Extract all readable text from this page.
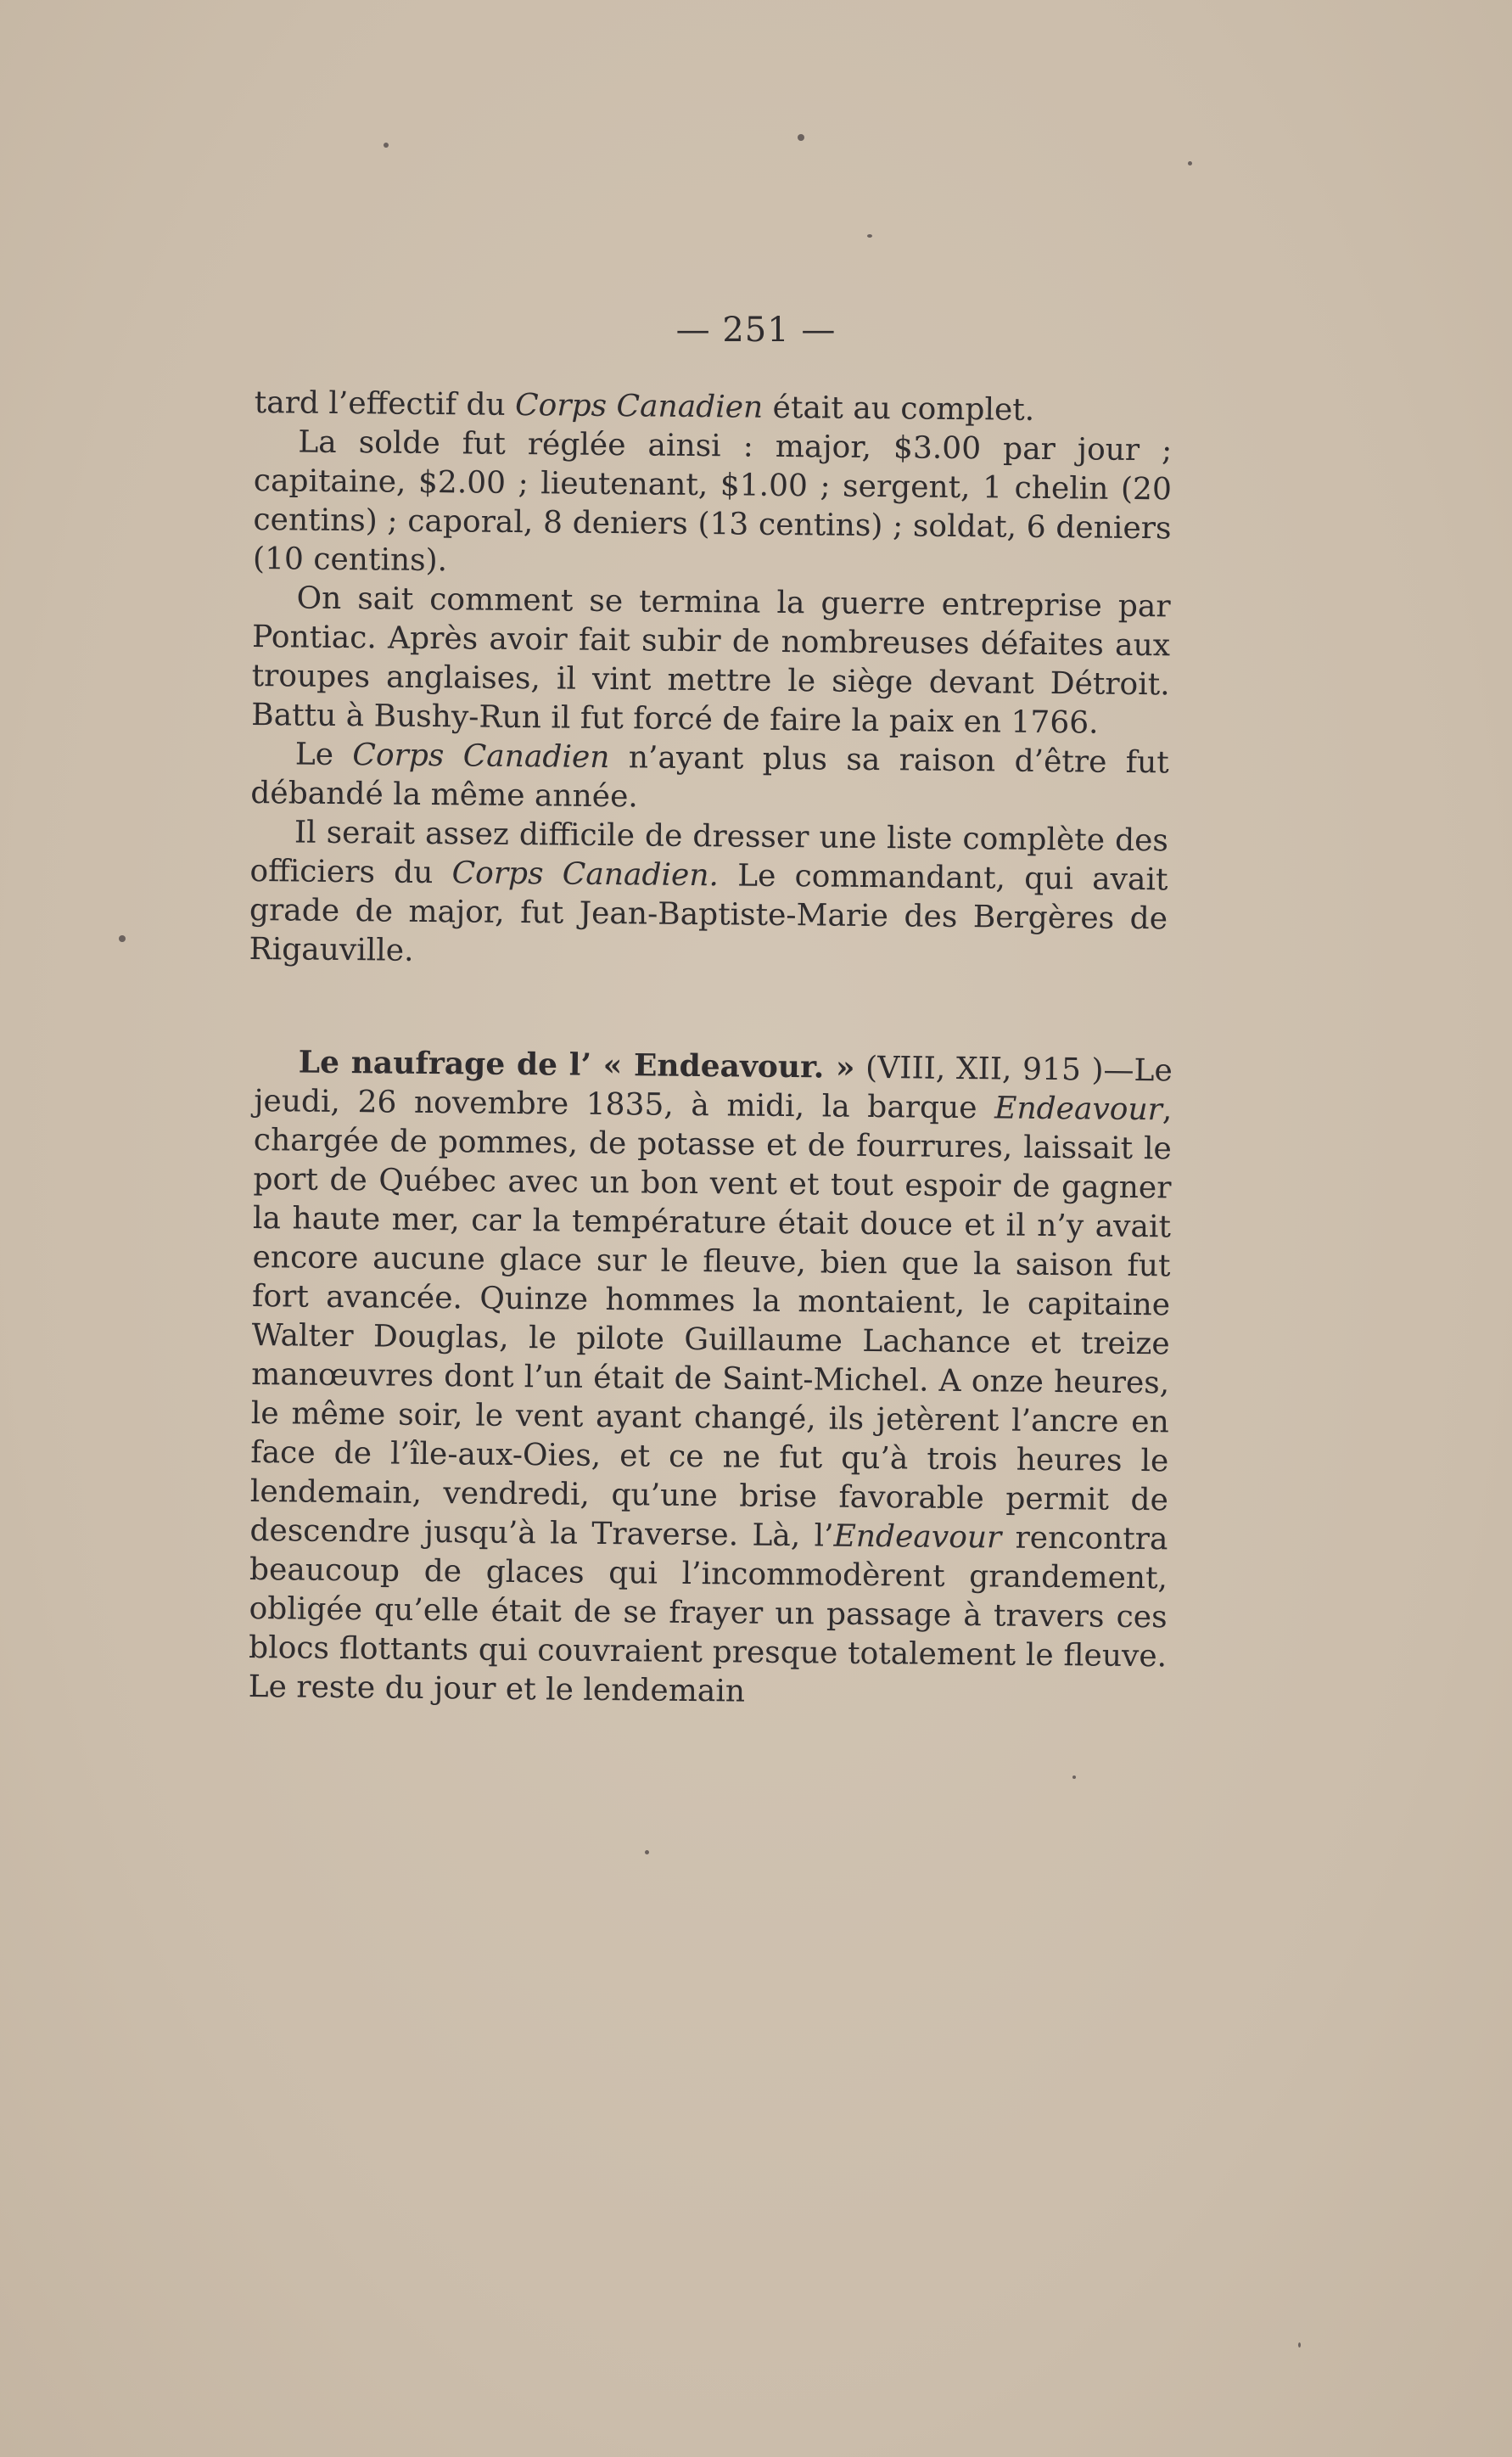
— 251 —

tard l’effectif du Corps Canadien était au complet.

La solde fut réglée ainsi : major, $3.00 par jour ; capitaine, $2.00 ; lieutenant, $1.00 ; sergent, 1 chelin (20 centins) ; caporal, 8 deniers (13 centins) ; soldat, 6 deniers (10 centins).

On sait comment se termina la guerre entreprise par Pontiac. Après avoir fait subir de nombreuses défaites aux troupes anglaises, il vint mettre le siège devant Détroit. Battu à Bushy-Run il fut forcé de faire la paix en 1766.

Le Corps Canadien n’ayant plus sa raison d’être fut débandé la même année.

Il serait assez difficile de dresser une liste complète des officiers du Corps Canadien. Le commandant, qui avait grade de major, fut Jean-Baptiste-Marie des Bergères de Rigauville.

Le naufrage de l’ « Endeavour. » (VIII, XII, 915 )—Le jeudi, 26 novembre 1835, à midi, la barque Endeavour, chargée de pommes, de potasse et de fourrures, laissait le port de Québec avec un bon vent et tout espoir de gagner la haute mer, car la température était douce et il n’y avait encore aucune glace sur le fleuve, bien que la saison fut fort avancée. Quinze hommes la montaient, le capitaine Walter Douglas, le pilote Guillaume Lachance et treize manœuvres dont l’un était de Saint-Michel. A onze heures, le même soir, le vent ayant changé, ils jetèrent l’ancre en face de l’île-aux-Oies, et ce ne fut qu’à trois heures le lendemain, vendredi, qu’une brise favorable permit de descendre jusqu’à la Traverse. Là, l’Endeavour rencontra beaucoup de glaces qui l’incommodèrent grandement, obligée qu’elle était de se frayer un passage à travers ces blocs flottants qui couvraient presque totalement le fleuve. Le reste du jour et le lendemain
